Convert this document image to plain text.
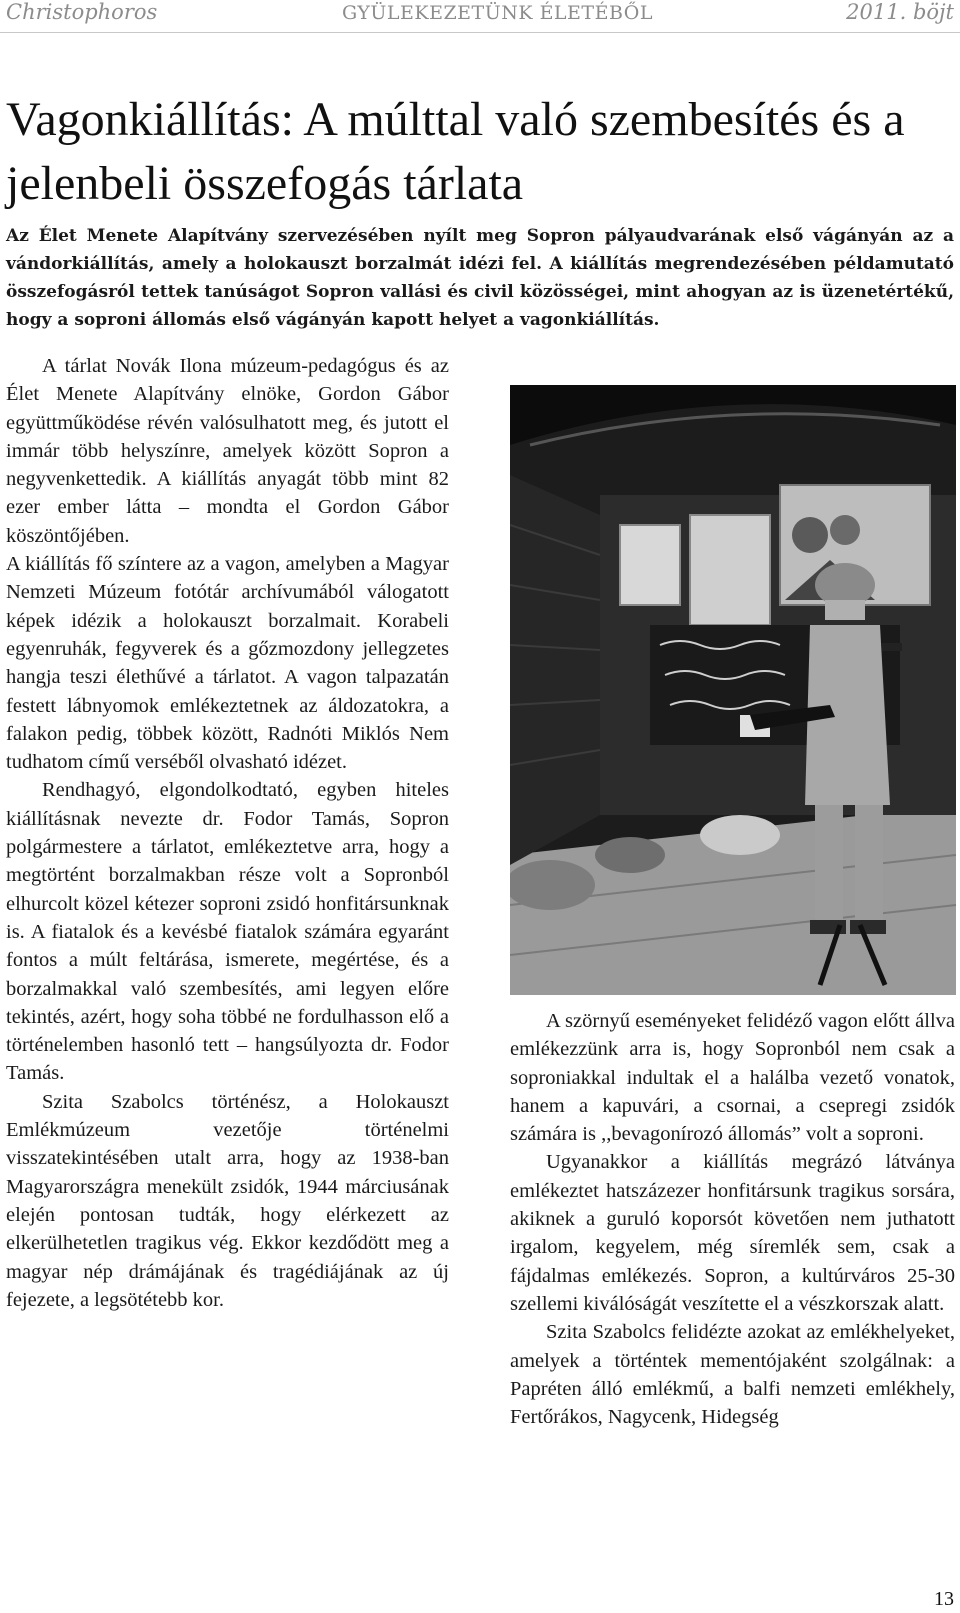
Christophoros	GYÜLEKEZETÜNK ÉLETÉBŐL	2011. böjt
Vagonkiállítás: A múlttal való szembesítés és a jelenbeli összefogás tárlata

Az Élet Menete Alapítvány szervezésében nyílt meg Sopron pályaudvarának első vágányán az a vándorkiállítás, amely a holokauszt borzalmát idézi fel. A kiállítás megrendezésében példamutató összefogásról tettek tanúságot Sopron vallási és civil közösségei, mint ahogyan az is üzenetértékű, hogy a soproni állomás első vágányán kapott helyet a vagonkiállítás.

A tárlat Novák Ilona múzeum-pedagógus és az Élet Menete Alapítvány elnöke, Gordon Gábor együttműködése révén valósulhatott meg, és jutott el immár több helyszínre, amelyek között Sopron a negyvenkettedik. A kiállítás anyagát több mint 82 ezer ember látta – mondta el Gordon Gábor köszöntőjében.

A kiállítás fő színtere az a vagon, amelyben a Magyar Nemzeti Múzeum fotótár archívumából válogatott képek idézik a holokauszt borzalmait. Korabeli egyenruhák, fegyverek és a gőzmozdony jellegzetes hangja teszi élethűvé a tárlatot. A vagon talpazatán festett lábnyomok emlékeztetnek az áldozatokra, a falakon pedig, többek között, Radnóti Miklós Nem tudhatom című verséből olvasható idézet.

Rendhagyó, elgondolkodtató, egyben hiteles kiállításnak nevezte dr. Fodor Tamás, Sopron polgármestere a tárlatot, emlékeztetve arra, hogy a megtörtént borzalmakban része volt a Sopronból elhurcolt közel kétezer soproni zsidó honfitársunknak is. A fiatalok és a kevésbé fiatalok számára egyaránt fontos a múlt feltárása, ismerete, megértése, és a borzalmakkal való szembesítés, ami legyen előre tekintés, azért, hogy soha többé ne fordulhasson elő a történelemben hasonló tett – hangsúlyozta dr. Fodor Tamás.

Szita Szabolcs történész, a Holokauszt Emlékmúzeum vezetője történelmi visszatekintésében utalt arra, hogy az 1938-ban Magyarországra menekült zsidók, 1944 márciusának elején pontosan tudták, hogy elérkezett az elkerülhetetlen tragikus vég. Ekkor kezdődött meg a magyar nép drámájának és tragédiájának az új fejezete, a legsötétebb kor.

A szörnyű eseményeket felidéző vagon előtt állva emlékezzünk arra is, hogy Sopronból nem csak a soproniakkal indultak el a halálba vezető vonatok, hanem a kapuvári, a csornai, a csepregi zsidók számára is ,,bevagonírozó állomás” volt a soproni.

Ugyanakkor a kiállítás megrázó látványa emlékeztet hatszázezer honfitársunk tragikus sorsára, akiknek a guruló koporsót követően nem juthatott irgalom, kegyelem, még síremlék sem, csak a fájdalmas emlékezés. Sopron, a kultúrváros 25-30 szellemi kiválóságát veszítette el a vészkorszak alatt.

Szita Szabolcs felidézte azokat az emlékhelyeket, amelyek a történtek mementójaként szolgálnak: a Papréten álló emlékmű, a balfi nemzeti emlékhely, Fertőrákos, Nagycenk, Hidegség

13
